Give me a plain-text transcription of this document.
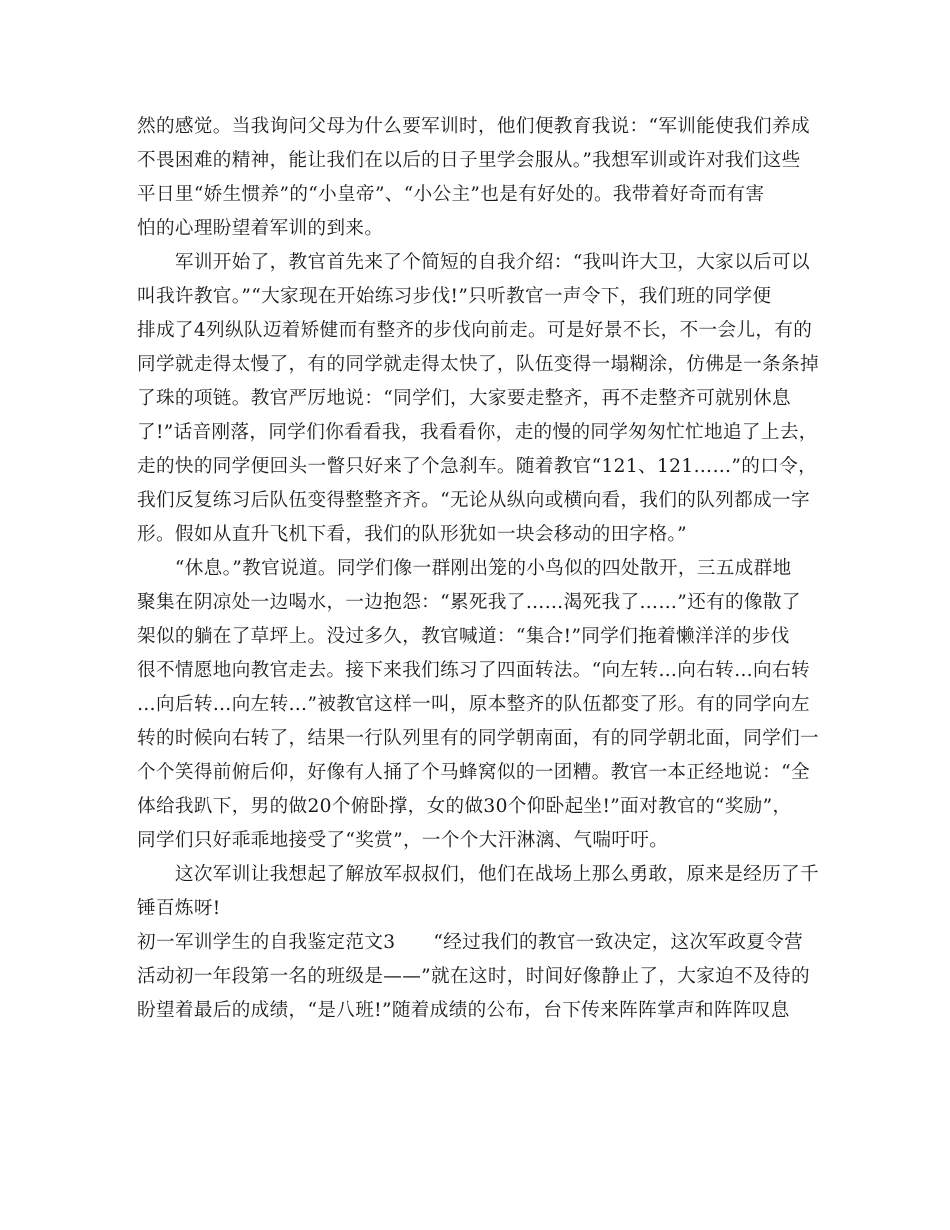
然的感觉。当我询问父母为什么要军训时，他们便教育我说：“军训能使我们养成
不畏困难的精神，能让我们在以后的日子里学会服从。”我想军训或许对我们这些
平日里“娇生惯养”的“小皇帝”、“小公主”也是有好处的。我带着好奇而有害
怕的心理盼望着军训的到来。
　　军训开始了，教官首先来了个简短的自我介绍：“我叫许大卫，大家以后可以
叫我许教官。”“大家现在开始练习步伐!”只听教官一声令下，我们班的同学便
排成了4列纵队迈着矫健而有整齐的步伐向前走。可是好景不长，不一会儿，有的
同学就走得太慢了，有的同学就走得太快了，队伍变得一塌糊涂，仿佛是一条条掉
了珠的项链。教官严厉地说：“同学们，大家要走整齐，再不走整齐可就别休息
了!”话音刚落，同学们你看看我，我看看你，走的慢的同学匆匆忙忙地追了上去，
走的快的同学便回头一瞥只好来了个急刹车。随着教官“121、121……”的口令，
我们反复练习后队伍变得整整齐齐。“无论从纵向或横向看，我们的队列都成一字
形。假如从直升飞机下看，我们的队形犹如一块会移动的田字格。”
　　“休息。”教官说道。同学们像一群刚出笼的小鸟似的四处散开，三五成群地
聚集在阴凉处一边喝水，一边抱怨：“累死我了……渴死我了……”还有的像散了
架似的躺在了草坪上。没过多久，教官喊道：“集合!”同学们拖着懒洋洋的步伐
很不情愿地向教官走去。接下来我们练习了四面转法。“向左转…向右转…向右转
…向后转…向左转…”被教官这样一叫，原本整齐的队伍都变了形。有的同学向左
转的时候向右转了，结果一行队列里有的同学朝南面，有的同学朝北面，同学们一
个个笑得前俯后仰，好像有人捅了个马蜂窝似的一团糟。教官一本正经地说：“全
体给我趴下，男的做20个俯卧撑，女的做30个仰卧起坐!”面对教官的“奖励”，
同学们只好乖乖地接受了“奖赏”，一个个大汗淋漓、气喘吁吁。
　　这次军训让我想起了解放军叔叔们，他们在战场上那么勇敢，原来是经历了千
锤百炼呀!
初一军训学生的自我鉴定范文3　　“经过我们的教官一致决定，这次军政夏令营
活动初一年段第一名的班级是——”就在这时，时间好像静止了，大家迫不及待的
盼望着最后的成绩，“是八班!”随着成绩的公布，台下传来阵阵掌声和阵阵叹息
